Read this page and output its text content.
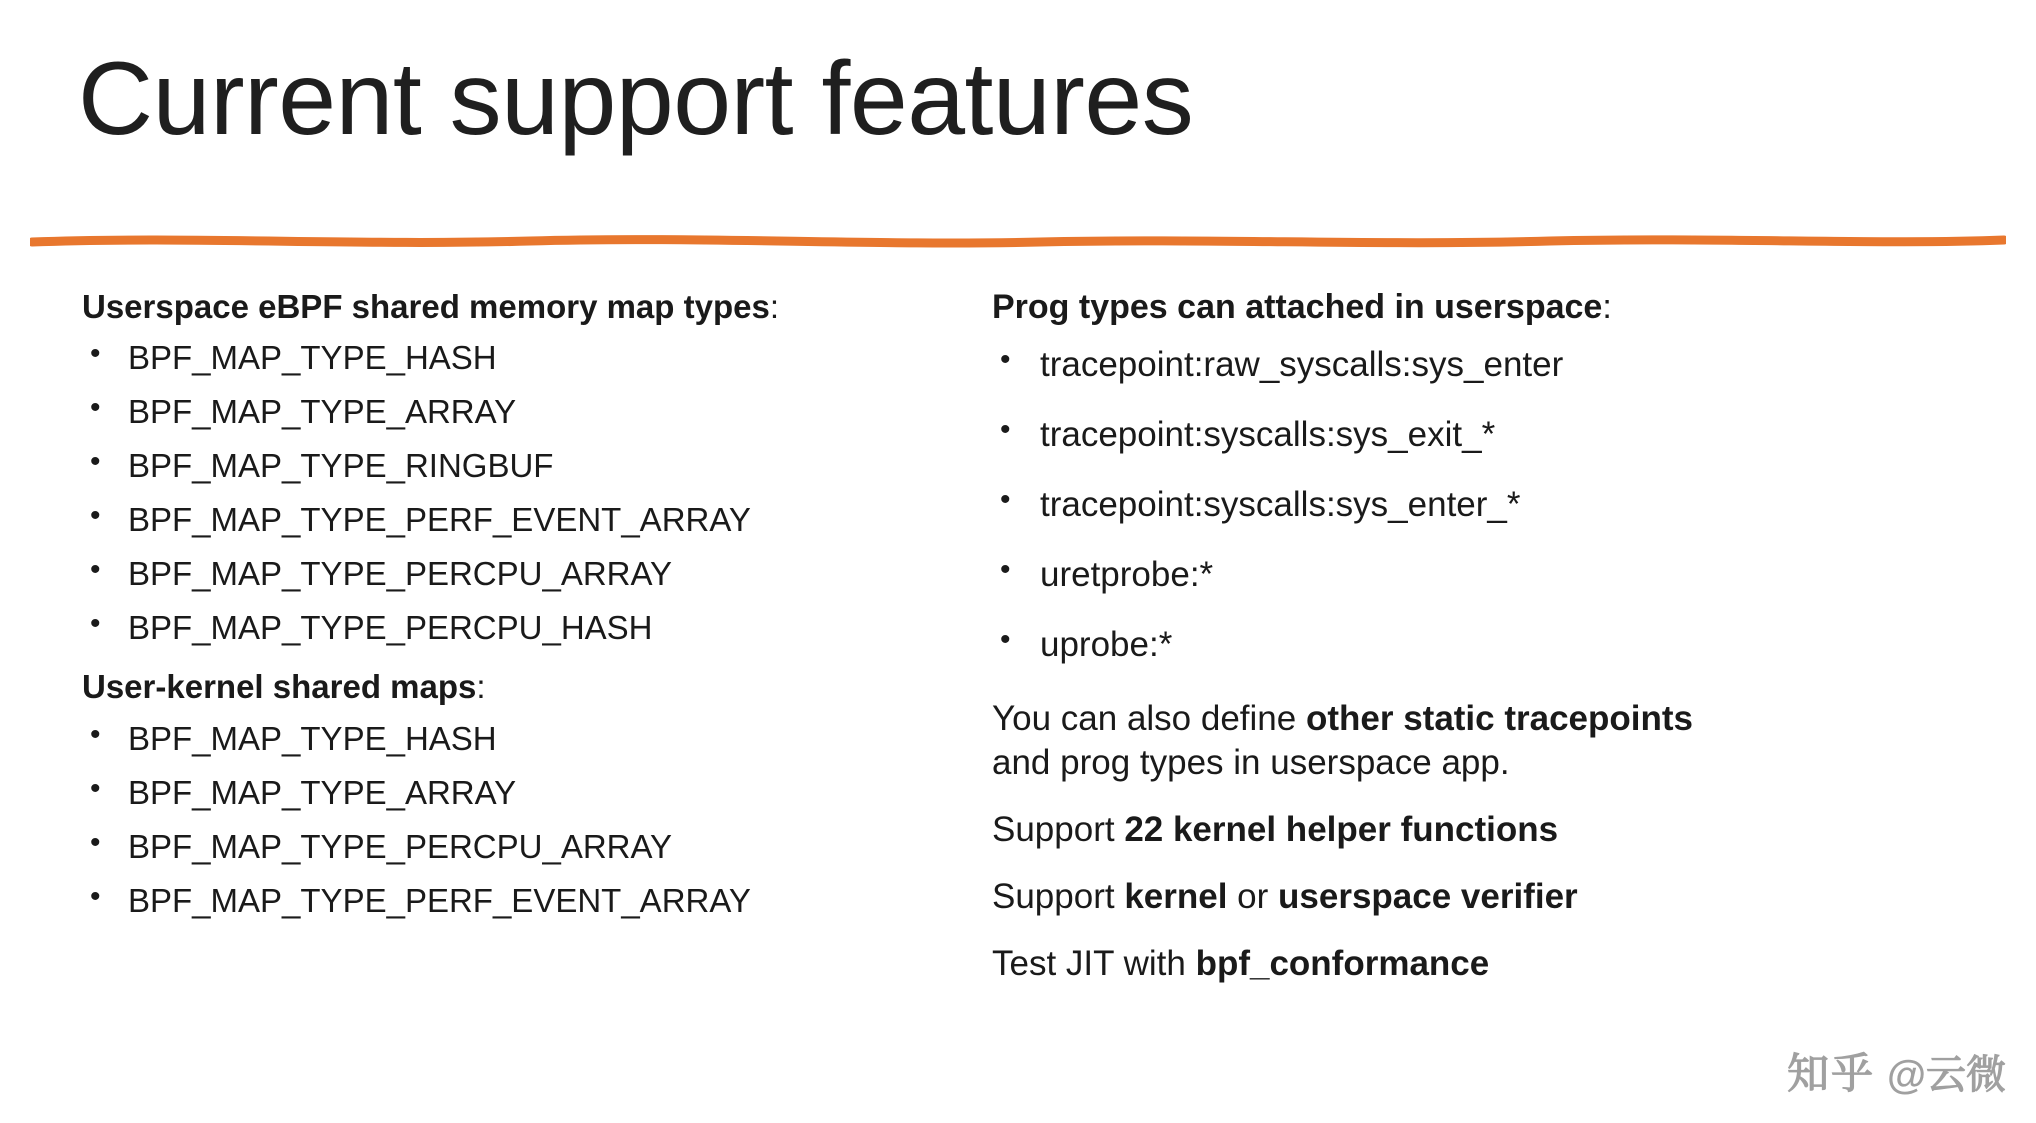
Current support features

Userspace eBPF shared memory map types:

• BPF_MAP_TYPE_HASH
• BPF_MAP_TYPE_ARRAY
• BPF_MAP_TYPE_RINGBUF
• BPF_MAP_TYPE_PERF_EVENT_ARRAY
• BPF_MAP_TYPE_PERCPU_ARRAY
• BPF_MAP_TYPE_PERCPU_HASH

User-kernel shared maps:

• BPF_MAP_TYPE_HASH
• BPF_MAP_TYPE_ARRAY
• BPF_MAP_TYPE_PERCPU_ARRAY
• BPF_MAP_TYPE_PERF_EVENT_ARRAY

Prog types can attached in userspace:

• tracepoint:raw_syscalls:sys_enter
• tracepoint:syscalls:sys_exit_*
• tracepoint:syscalls:sys_enter_*
• uretprobe:*
• uprobe:*

You can also define other static tracepoints and prog types in userspace app.

Support 22 kernel helper functions

Support kernel or userspace verifier

Test JIT with bpf_conformance

知乎 @云微
